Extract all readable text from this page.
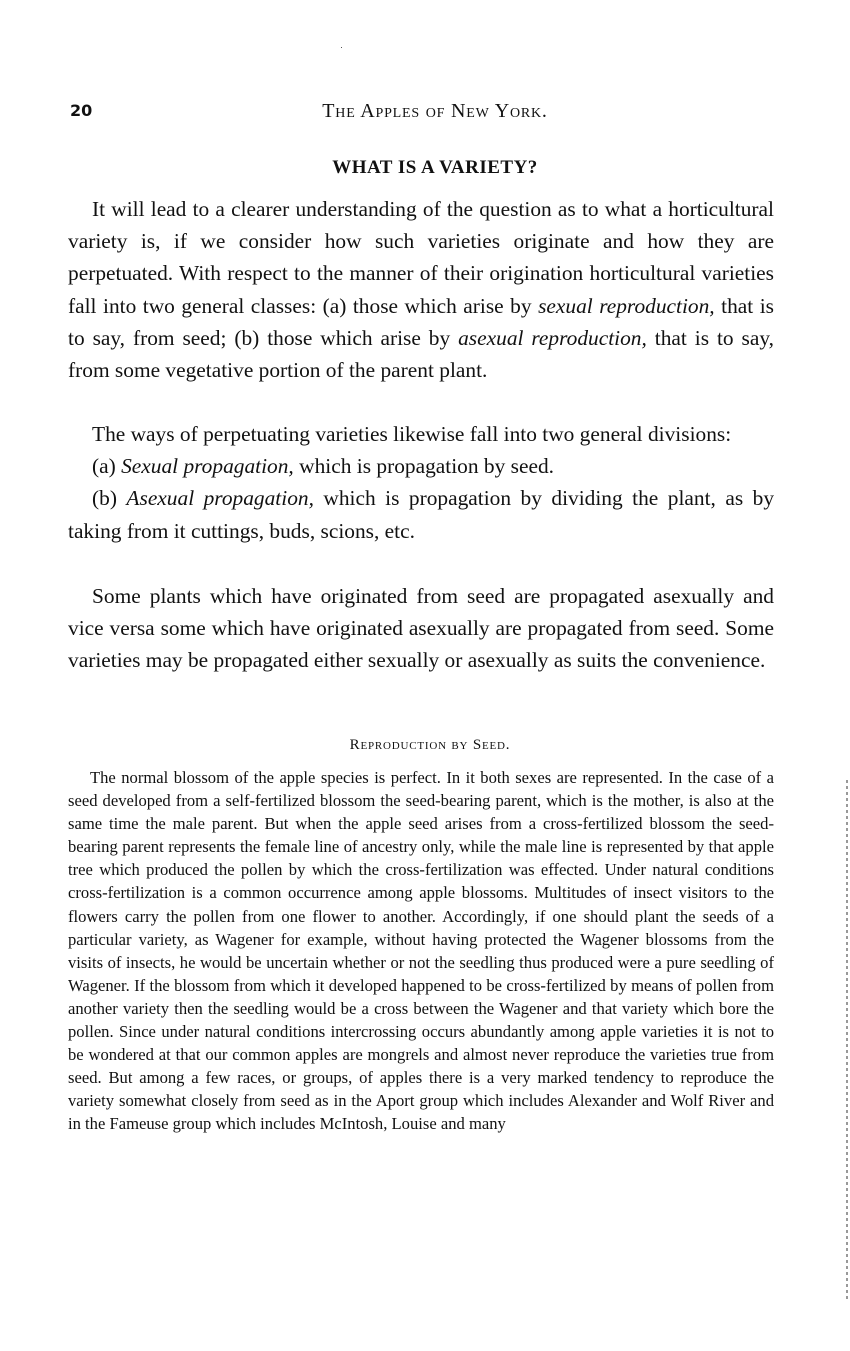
20	The Apples of New York.
WHAT IS A VARIETY?

It will lead to a clearer understanding of the question as to what a horticultural variety is, if we consider how such varieties originate and how they are perpetuated. With respect to the manner of their origination horticultural varieties fall into two general classes: (a) those which arise by sexual reproduction, that is to say, from seed; (b) those which arise by asexual reproduction, that is to say, from some vegetative portion of the parent plant.

The ways of perpetuating varieties likewise fall into two general divisions:

(a) Sexual propagation, which is propagation by seed.

(b) Asexual propagation, which is propagation by dividing the plant, as by taking from it cuttings, buds, scions, etc.

Some plants which have originated from seed are propagated asexually and vice versa some which have originated asexually are propagated from seed. Some varieties may be propagated either sexually or asexually as suits the convenience.

Reproduction by Seed.

The normal blossom of the apple species is perfect. In it both sexes are represented. In the case of a seed developed from a self-fertilized blossom the seed-bearing parent, which is the mother, is also at the same time the male parent. But when the apple seed arises from a cross-fertilized blossom the seed-bearing parent represents the female line of ancestry only, while the male line is represented by that apple tree which produced the pollen by which the cross-fertilization was effected. Under natural conditions cross-fertilization is a common occurrence among apple blossoms. Multitudes of insect visitors to the flowers carry the pollen from one flower to another. Accordingly, if one should plant the seeds of a particular variety, as Wagener for example, without having protected the Wagener blossoms from the visits of insects, he would be uncertain whether or not the seedling thus produced were a pure seedling of Wagener. If the blossom from which it developed happened to be cross-fertilized by means of pollen from another variety then the seedling would be a cross between the Wagener and that variety which bore the pollen. Since under natural conditions intercrossing occurs abundantly among apple varieties it is not to be wondered at that our common apples are mongrels and almost never reproduce the varieties true from seed. But among a few races, or groups, of apples there is a very marked tendency to reproduce the variety somewhat closely from seed as in the Aport group which includes Alexander and Wolf River and in the Fameuse group which includes McIntosh, Louise and many
